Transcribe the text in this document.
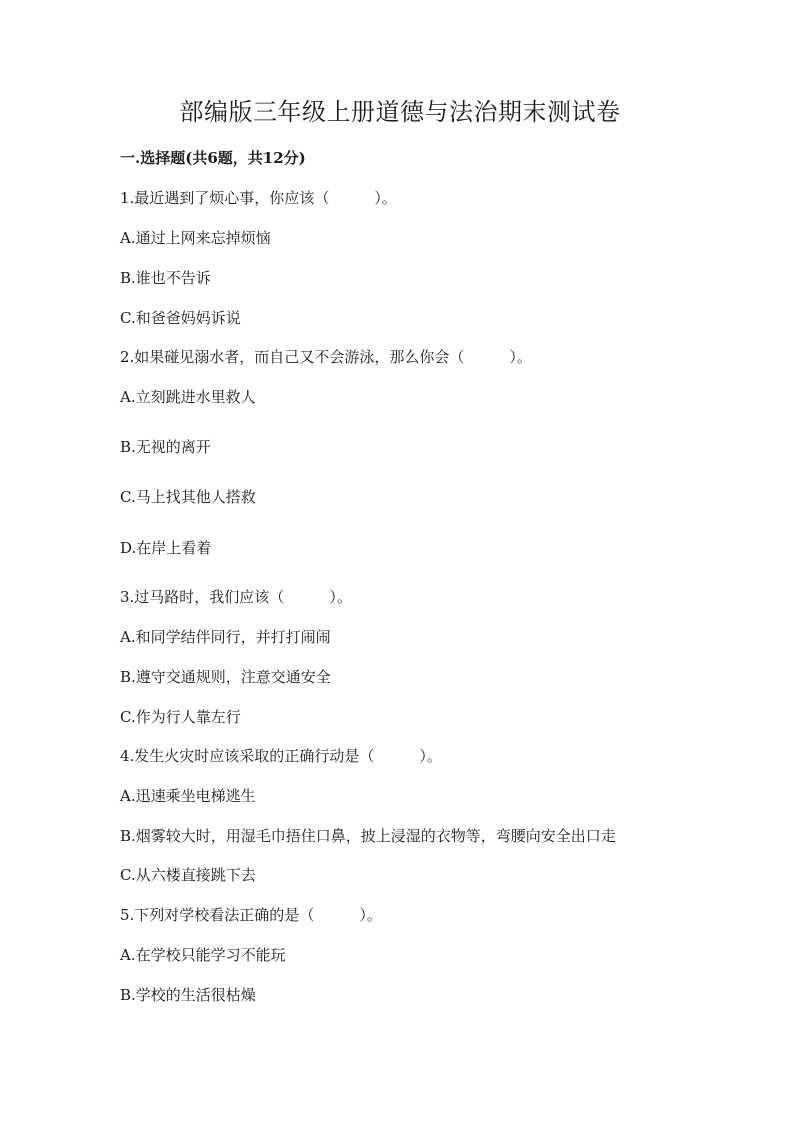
部编版三年级上册道德与法治期末测试卷
一.选择题(共6题，共12分)
1.最近遇到了烦心事，你应该（　　　）。
A.通过上网来忘掉烦恼
B.谁也不告诉
C.和爸爸妈妈诉说
2.如果碰见溺水者，而自己又不会游泳，那么你会（　　　）。
A.立刻跳进水里救人
B.无视的离开
C.马上找其他人搭救
D.在岸上看着
3.过马路时，我们应该（　　　）。
A.和同学结伴同行，并打打闹闹
B.遵守交通规则，注意交通安全
C.作为行人靠左行
4.发生火灾时应该采取的正确行动是（　　　）。
A.迅速乘坐电梯逃生
B.烟雾较大时，用湿毛巾捂住口鼻，披上浸湿的衣物等，弯腰向安全出口走
C.从六楼直接跳下去
5.下列对学校看法正确的是（　　　）。
A.在学校只能学习不能玩
B.学校的生活很枯燥
